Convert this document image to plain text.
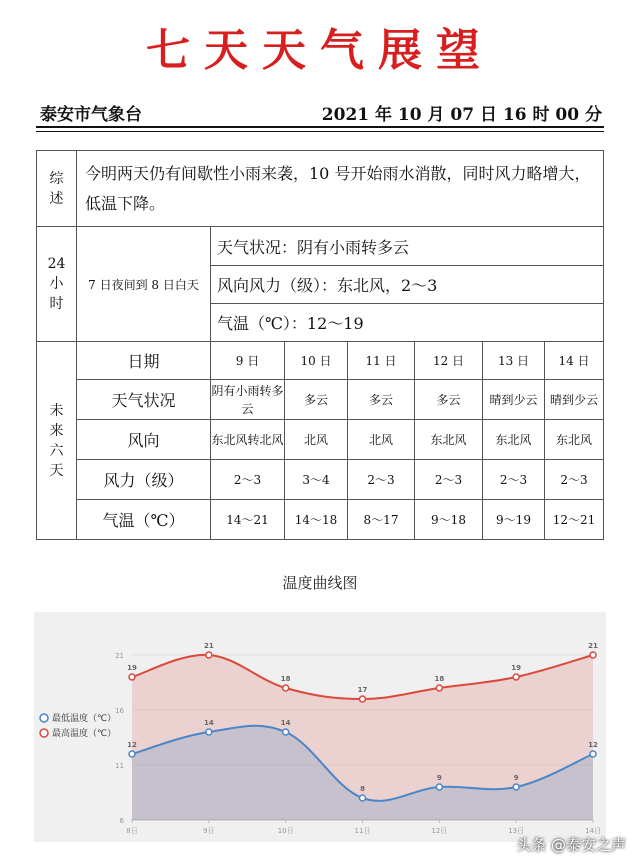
七天天气展望
泰安市气象台	2021 年 10 月 07 日 16 时 00 分
综
述	今明两天仍有间歇性小雨来袭，10 号开始雨水消散，同时风力略增大，低温下降。						

24
小
时	7 日夜间到 8 日白天	天气状况：阴有小雨转多云					
		风向风力（级）：东北风，2～3					
		气温（℃）：12～19					

未
来
六
天	日期	9 日	10 日	11 日	12 日	13 日	14 日
	天气状况	阴有小雨转多云	多云	多云	多云	晴到少云	晴到少云
	风向	东北风转北风	北风	北风	东北风	东北风	东北风
	风力（级）	2～3	3～4	2～3	2～3	2～3	2～3
	气温（℃）	14～21	14～18	8～17	9～18	9～19	12～21
温度曲线图
6
11
16
21
8日	9日	10日	11日	12日	13日	14日
19
21
18
17
18
19
21
12
14	14
8
9	9
12
最低温度（℃）
最高温度（℃）
头条 @泰安之声
